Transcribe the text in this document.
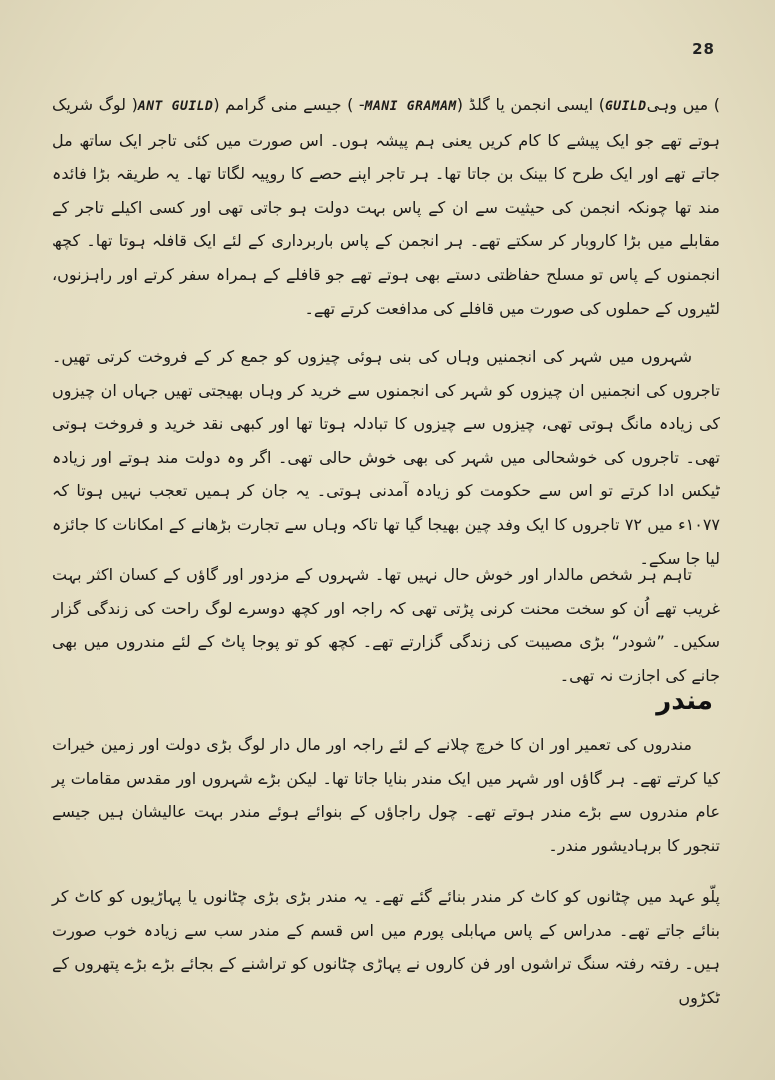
28

) میں وہیGUILD) ایسی انجمن یا گلڈ (MANI GRAMAM- ) جیسے منی گرامم (ANT GUILD( لوگ شریک ہوتے تھے جو ایک پیشے کا کام کریں یعنی ہم پیشہ ہوں۔ اس صورت میں کئی تاجر ایک ساتھ مل جاتے تھے اور ایک طرح کا بینک بن جاتا تھا۔ ہر تاجر اپنے حصے کا روپیہ لگاتا تھا۔ یہ طریقہ بڑا فائدہ مند تھا چونکہ انجمن کی حیثیت سے ان کے پاس بہت دولت ہو جاتی تھی اور کسی اکیلے تاجر کے مقابلے میں بڑا کاروبار کر سکتے تھے۔ ہر انجمن کے پاس باربرداری کے لئے ایک قافلہ ہوتا تھا۔ کچھ انجمنوں کے پاس تو مسلح حفاظتی دستے بھی ہوتے تھے جو قافلے کے ہمراہ سفر کرتے اور راہزنوں، لٹیروں کے حملوں کی صورت میں قافلے کی مدافعت کرتے تھے۔

شہروں میں شہر کی انجمنیں وہاں کی بنی ہوئی چیزوں کو جمع کر کے فروخت کرتی تھیں۔ تاجروں کی انجمنیں ان چیزوں کو شہر کی انجمنوں سے خرید کر وہاں بھیجتی تھیں جہاں ان چیزوں کی زیادہ مانگ ہوتی تھی، چیزوں سے چیزوں کا تبادلہ ہوتا تھا اور کبھی نقد خرید و فروخت ہوتی تھی۔ تاجروں کی خوشحالی میں شہر کی بھی خوش حالی تھی۔ اگر وہ دولت مند ہوتے اور زیادہ ٹیکس ادا کرتے تو اس سے حکومت کو زیادہ آمدنی ہوتی۔ یہ جان کر ہمیں تعجب نہیں ہوتا کہ ۱۰۷۷ء میں ۷۲ تاجروں کا ایک وفد چین بھیجا گیا تھا تاکہ وہاں سے تجارت بڑھانے کے امکانات کا جائزہ لیا جا سکے۔

تاہم ہر شخص مالدار اور خوش حال نہیں تھا۔ شہروں کے مزدور اور گاؤں کے کسان اکثر بہت غریب تھے اُن کو سخت محنت کرنی پڑتی تھی کہ راجہ اور کچھ دوسرے لوگ راحت کی زندگی گزار سکیں۔ ”شودر“ بڑی مصیبت کی زندگی گزارتے تھے۔ کچھ کو تو پوجا پاٹ کے لئے مندروں میں بھی جانے کی اجازت نہ تھی۔

مندر

مندروں کی تعمیر اور ان کا خرچ چلانے کے لئے راجہ اور مال دار لوگ بڑی دولت اور زمین خیرات کیا کرتے تھے۔ ہر گاؤں اور شہر میں ایک مندر بنایا جاتا تھا۔ لیکن بڑے شہروں اور مقدس مقامات پر عام مندروں سے بڑے مندر ہوتے تھے۔ چول راجاؤں کے بنوائے ہوئے مندر بہت عالیشان ہیں جیسے تنجور کا برہادیشور مندر۔

پلّو عہد میں چٹانوں کو کاٹ کر مندر بنائے گئے تھے۔ یہ مندر بڑی بڑی چٹانوں یا پہاڑیوں کو کاٹ کر بنائے جاتے تھے۔ مدراس کے پاس مہابلی پورم میں اس قسم کے مندر سب سے زیادہ خوب صورت ہیں۔ رفتہ رفتہ سنگ تراشوں اور فن کاروں نے پہاڑی چٹانوں کو تراشنے کے بجائے بڑے بڑے پتھروں کے ٹکڑوں
